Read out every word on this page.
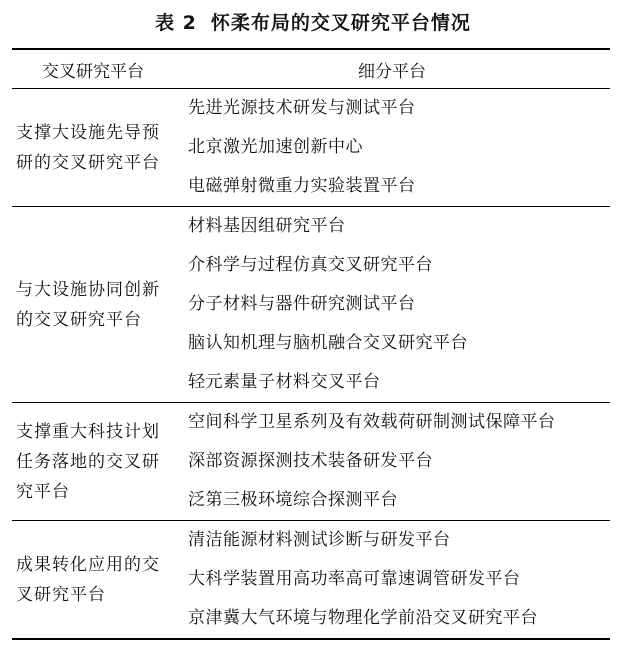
表 2 怀柔布局的交叉研究平台情况
交叉研究平台	细分平台
支撑大设施先导预研的交叉研究平台	先进光源技术研发与测试平台
北京激光加速创新中心
电磁弹射微重力实验装置平台

与大设施协同创新的交叉研究平台	材料基因组研究平台
介科学与过程仿真交叉研究平台
分子材料与器件研究测试平台
脑认知机理与脑机融合交叉研究平台
轻元素量子材料交叉平台

支撑重大科技计划任务落地的交叉研究平台	空间科学卫星系列及有效载荷研制测试保障平台
深部资源探测技术装备研发平台
泛第三极环境综合探测平台

成果转化应用的交叉研究平台	清洁能源材料测试诊断与研发平台
大科学装置用高功率高可靠速调管研发平台
京津冀大气环境与物理化学前沿交叉研究平台
